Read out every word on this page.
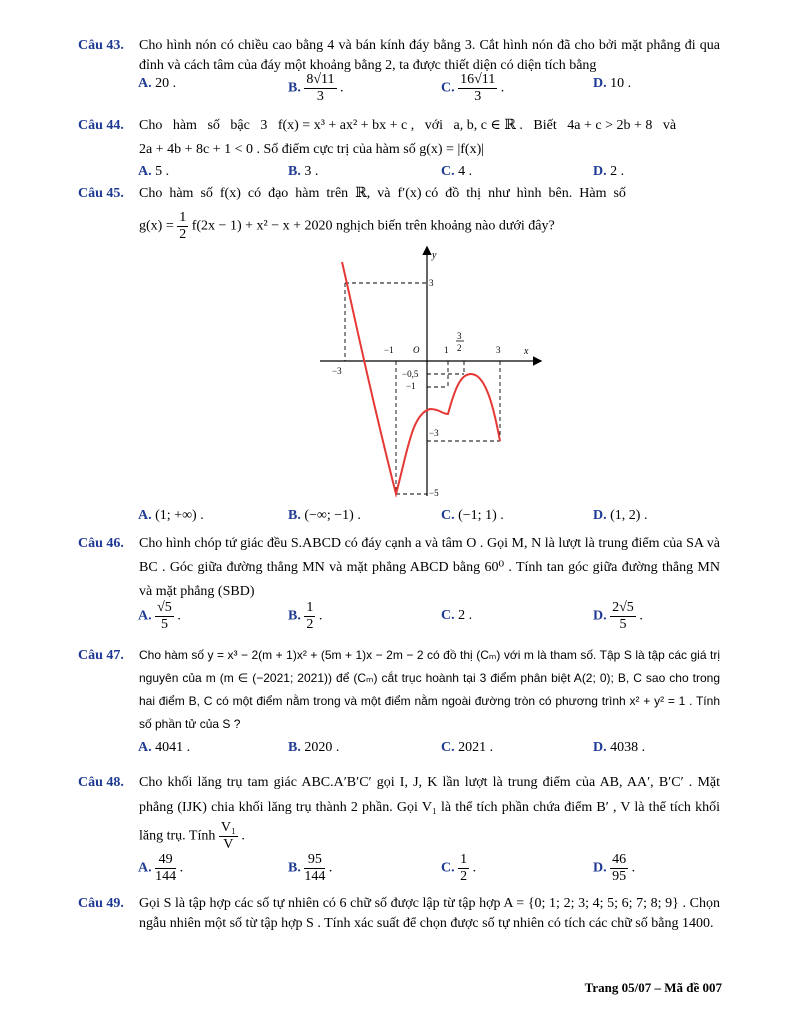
Câu 43. Cho hình nón có chiều cao bằng 4 và bán kính đáy bằng 3. Cắt hình nón đã cho bởi mặt phẳng đi qua đỉnh và cách tâm của đáy một khoảng bằng 2, ta được thiết diện có diện tích bằng
A. 20 .	B. $\frac{8√11}{3}$ .	C. $\frac{16√11}{3}$ .	D. 10 .
Câu 44. Cho   hàm   số   bậc   3   f(x) = x³ + ax² + bx + c ,   với   a, b, c ∈ ℝ .   Biết   4a + c > 2b + 8   và
2a + 4b + 8c + 1 < 0 . Số điểm cực trị của hàm số g(x) = |f(x)|
A. 5 .	B. 3 .	C. 4 .	D. 2 .
Câu 45. Cho  hàm  số  f(x)  có  đạo  hàm  trên  ℝ,  và  f′(x) có  đồ  thị  như  hình  bên.  Hàm  số
$g(x) = \frac{1}{2} f(2x - 1) + x^2 - x + 2020$ nghịch biến trên khoảng nào dưới đây?
y
x
3
−1 O	1
3
2	3
−3	−0,5
−1
−3
−5
A. (1; +∞) .	B. (−∞; −1) .	C. (−1; 1) .	D. (1, 2) .
Câu 46. Cho hình chóp tứ giác đều S.ABCD có đáy cạnh a và tâm O . Gọi M, N là lượt là trung điểm của SA và BC . Góc giữa đường thẳng MN và mặt phẳng ABCD bằng 60⁰ . Tính tan góc giữa đường thẳng MN và mặt phẳng (SBD)
A. $\frac{√5}{5}$ .	B. $\frac{1}{2}$ .	C. 2 .	D. $\frac{2√5}{5}$ .
Câu 47. Cho hàm số y = x³ − 2(m + 1)x² + (5m + 1)x − 2m − 2 có đồ thị (Cₘ) với m là tham số. Tập S là tập các giá trị nguyên của m (m ∈ (−2021; 2021)) để (Cₘ) cắt trục hoành tại 3 điểm phân biệt A(2; 0); B, C sao cho trong hai điểm B, C có một điểm nằm trong và một điểm nằm ngoài đường tròn có phương trình x² + y² = 1 . Tính số phần tử của S ?
A. 4041 .	B. 2020 .	C. 2021 .	D. 4038 .
Câu 48. Cho khối lăng trụ tam giác ABC.A′B′C′ gọi I, J, K lần lượt là trung điểm của AB, AA′, B′C′ . Mặt phẳng (IJK) chia khối lăng trụ thành 2 phần. Gọi V₁ là thể tích phần chứa điểm B′ , V là thể tích khối lăng trụ. Tính $\frac{\text{V₁}}{V}$ .
A. $\frac{49}{144}$ .	B. $\frac{95}{144}$ .	C. $\frac{1}{2}$ .	D. $\frac{46}{95}$ .
Câu 49. Gọi S là tập hợp các số tự nhiên có 6 chữ số được lập từ tập hợp A = {0; 1; 2; 3; 4; 5; 6; 7; 8; 9} . Chọn ngẫu nhiên một số từ tập hợp S . Tính xác suất để chọn được số tự nhiên có tích các chữ số bằng 1400.
Trang 05/07 – Mã đề 007
